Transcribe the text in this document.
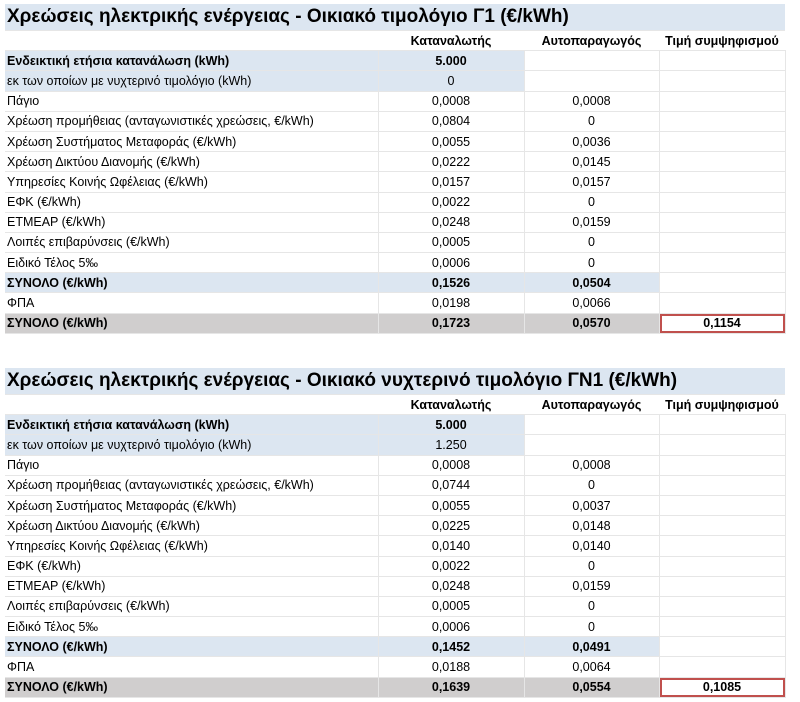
Χρεώσεις ηλεκτρικής ενέργειας - Οικιακό τιμολόγιο Γ1 (€/kWh)
	Καταναλωτής	Αυτοπαραγωγός	Τιμή συμψηφισμού
Ενδεικτική ετήσια κατανάλωση (kWh)	5.000		
εκ των οποίων με νυχτερινό τιμολόγιο (kWh)	0		
Πάγιο	0,0008	0,0008	
Χρέωση προμήθειας (ανταγωνιστικές χρεώσεις, €/kWh)	0,0804	0	
Χρέωση Συστήματος Μεταφοράς (€/kWh)	0,0055	0,0036	
Χρέωση Δικτύου Διανομής (€/kWh)	0,0222	0,0145	
Υπηρεσίες Κοινής Ωφέλειας (€/kWh)	0,0157	0,0157	
ΕΦΚ (€/kWh)	0,0022	0	
ΕΤΜΕΑΡ (€/kWh)	0,0248	0,0159	
Λοιπές επιβαρύνσεις (€/kWh)	0,0005	0	
Ειδικό Τέλος 5‰	0,0006	0	
ΣΥΝΟΛΟ (€/kWh)	0,1526	0,0504	
ΦΠΑ	0,0198	0,0066	
ΣΥΝΟΛΟ (€/kWh)	0,1723	0,0570	0,1154
Χρεώσεις ηλεκτρικής ενέργειας - Οικιακό νυχτερινό τιμολόγιο ΓΝ1 (€/kWh)
	Καταναλωτής	Αυτοπαραγωγός	Τιμή συμψηφισμού
Ενδεικτική ετήσια κατανάλωση (kWh)	5.000		
εκ των οποίων με νυχτερινό τιμολόγιο (kWh)	1.250		
Πάγιο	0,0008	0,0008	
Χρέωση προμήθειας (ανταγωνιστικές χρεώσεις, €/kWh)	0,0744	0	
Χρέωση Συστήματος Μεταφοράς (€/kWh)	0,0055	0,0037	
Χρέωση Δικτύου Διανομής (€/kWh)	0,0225	0,0148	
Υπηρεσίες Κοινής Ωφέλειας (€/kWh)	0,0140	0,0140	
ΕΦΚ (€/kWh)	0,0022	0	
ΕΤΜΕΑΡ (€/kWh)	0,0248	0,0159	
Λοιπές επιβαρύνσεις (€/kWh)	0,0005	0	
Ειδικό Τέλος 5‰	0,0006	0	
ΣΥΝΟΛΟ (€/kWh)	0,1452	0,0491	
ΦΠΑ	0,0188	0,0064	
ΣΥΝΟΛΟ (€/kWh)	0,1639	0,0554	0,1085
